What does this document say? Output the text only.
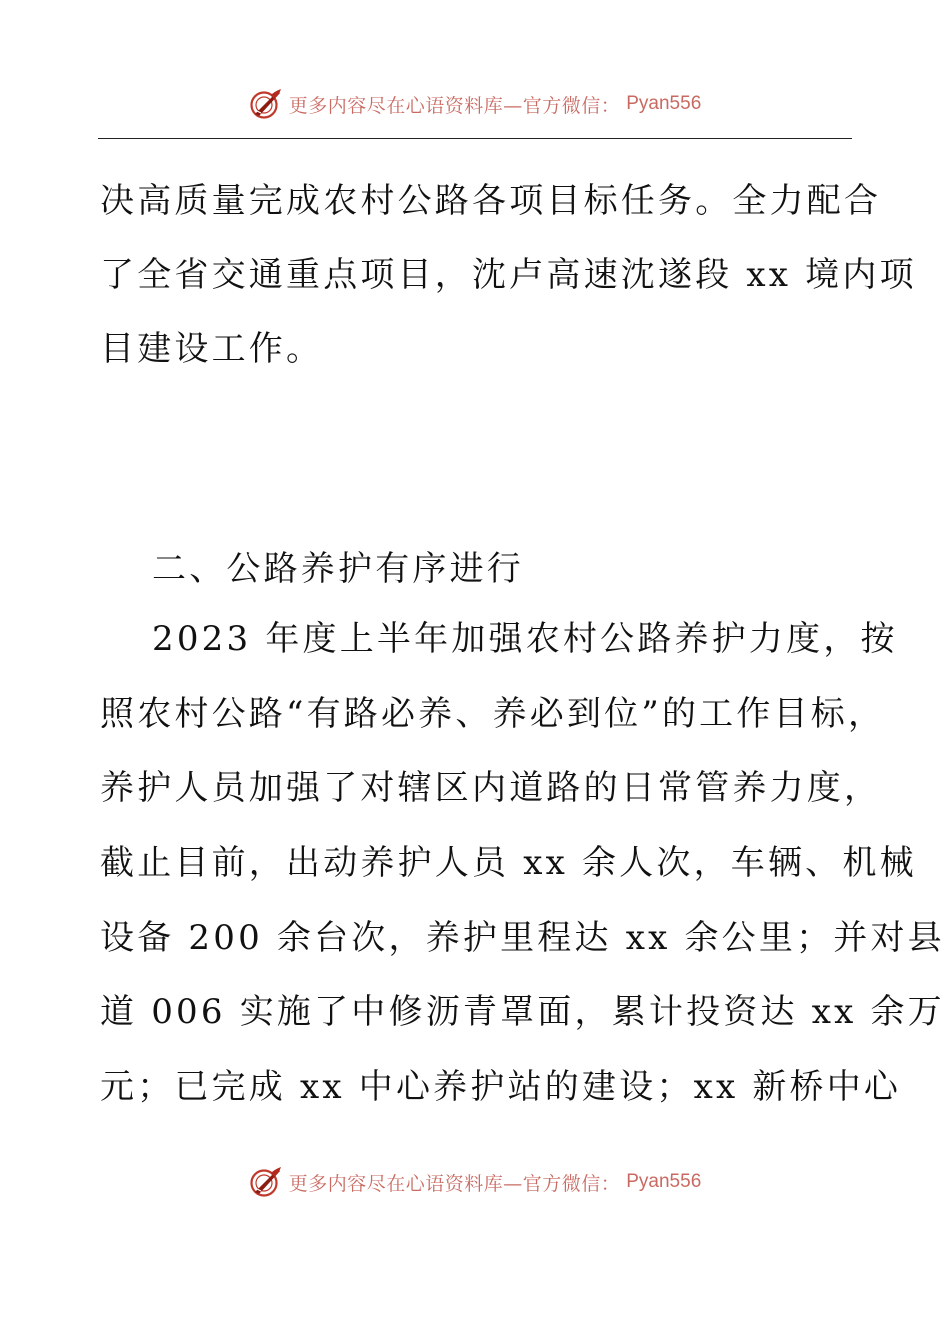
更多内容尽在心语资料库—官方微信： Pyan556
决高质量完成农村公路各项目标任务。全力配合
了全省交通重点项目，沈卢高速沈遂段 xx 境内项
目建设工作。
二、公路养护有序进行
2023 年度上半年加强农村公路养护力度，按
照农村公路“有路必养、养必到位”的工作目标，
养护人员加强了对辖区内道路的日常管养力度，
截止目前，出动养护人员 xx 余人次，车辆、机械
设备 200 余台次，养护里程达 xx 余公里；并对县
道 006 实施了中修沥青罩面，累计投资达 xx 余万
元；已完成 xx 中心养护站的建设；xx 新桥中心
更多内容尽在心语资料库—官方微信： Pyan556
